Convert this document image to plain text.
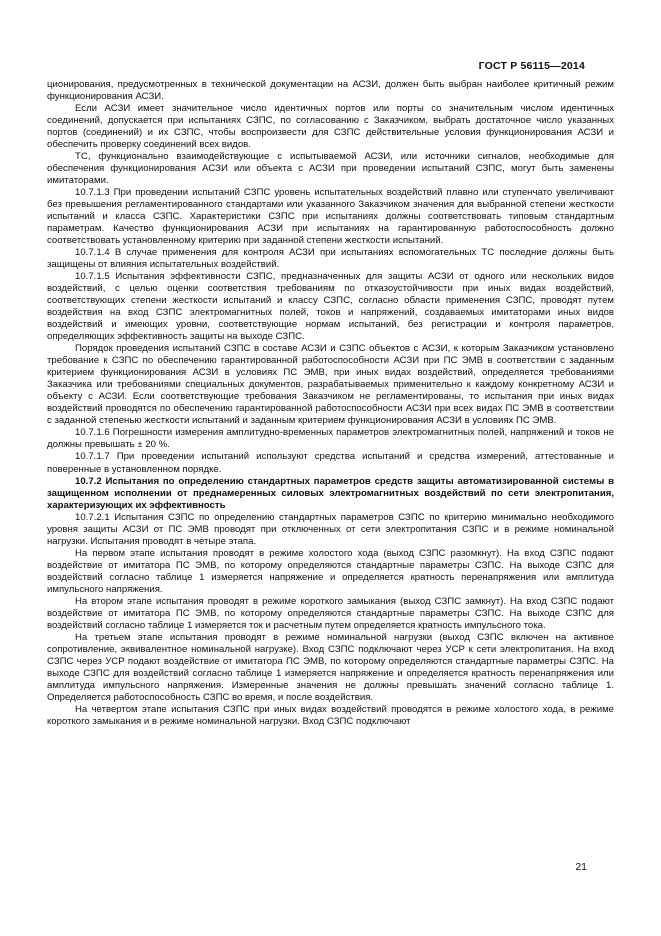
ГОСТ Р 56115—2014

ционирования, предусмотренных в технической документации на АСЗИ, должен быть выбран наиболее критичный режим функционирования АСЗИ.

Если АСЗИ имеет значительное число идентичных портов или порты со значительным числом идентичных соединений, допускается при испытаниях СЗПС, по согласованию с Заказчиком, выбрать достаточное число указанных портов (соединений) и их СЗПС, чтобы воспроизвести для СЗПС действительные условия функционирования АСЗИ и обеспечить проверку соединений всех видов.

ТС, функционально взаимодействующие с испытываемой АСЗИ, или источники сигналов, необходимые для обеспечения функционирования АСЗИ или объекта с АСЗИ при проведении испытаний СЗПС, могут быть заменены имитаторами.

10.7.1.3 При проведении испытаний СЗПС уровень испытательных воздействий плавно или ступенчато увеличивают без превышения регламентированного стандартами или указанного Заказчиком значения для выбранной степени жесткости испытаний и класса СЗПС. Характеристики СЗПС при испытаниях должны соответствовать типовым стандартным параметрам. Качество функционирования АСЗИ при испытаниях на гарантированную работоспособность должно соответствовать установленному критерию при заданной степени жесткости испытаний.

10.7.1.4 В случае применения для контроля АСЗИ при испытаниях вспомогательных ТС последние должны быть защищены от влияния испытательных воздействий.

10.7.1.5 Испытания эффективности СЗПС, предназначенных для защиты АСЗИ от одного или нескольких видов воздействий, с целью оценки соответствия требованиям по отказоустойчивости при иных видах воздействий, соответствующих степени жесткости испытаний и классу СЗПС, согласно области применения СЗПС, проводят путем воздействия на вход СЗПС электромагнитных полей, токов и напряжений, создаваемых имитаторами иных видов воздействий и имеющих уровни, соответствующие нормам испытаний, без регистрации и контроля параметров, определяющих эффективность защиты на выходе СЗПС.

Порядок проведения испытаний СЗПС в составе АСЗИ и СЗПС объектов с АСЗИ, к которым Заказчиком установлено требование к СЗПС по обеспечению гарантированной работоспособности АСЗИ при ПС ЭМВ в соответствии с заданным критерием функционирования АСЗИ в условиях ПС ЭМВ, при иных видах воздействий, определяется требованиями Заказчика или требованиями специальных документов, разрабатываемых применительно к каждому конкретному АСЗИ и объекту с АСЗИ. Если соответствующие требования Заказчиком не регламентированы, то испытания при иных видах воздействий проводятся по обеспечению гарантированной работоспособности АСЗИ при всех видах ПС ЭМВ в соответствии с заданной степенью жесткости испытаний и заданным критерием функционирования АСЗИ в условиях ПС ЭМВ.

10.7.1.6 Погрешности измерения амплитудно-временных параметров электромагнитных полей, напряжений и токов не должны превышать ± 20 %.

10.7.1.7 При проведении испытаний используют средства испытаний и средства измерений, аттестованные и поверенные в установленном порядке.

10.7.2 Испытания по определению стандартных параметров средств защиты автоматизированной системы в защищенном исполнении от преднамеренных силовых электромагнитных воздействий по сети электропитания, характеризующих их эффективность

10.7.2.1 Испытания СЗПС по определению стандартных параметров СЗПС по критерию минимально необходимого уровня защиты АСЗИ от ПС ЭМВ проводят при отключенных от сети электропитания СЗПС и в режиме номинальной нагрузки. Испытания проводят в четыре этапа.

На первом этапе испытания проводят в режиме холостого хода (выход СЗПС разомкнут). На вход СЗПС подают воздействие от имитатора ПС ЭМВ, по которому определяются стандартные параметры СЗПС. На выходе СЗПС для воздействий согласно таблице 1 измеряется напряжение и определяется кратность перенапряжения или амплитуда импульсного напряжения.

На втором этапе испытания проводят в режиме короткого замыкания (выход СЗПС замкнут). На вход СЗПС подают воздействие от имитатора ПС ЭМВ, по которому определяются стандартные параметры СЗПС. На выходе СЗПС для воздействий согласно таблице 1 измеряется ток и расчетным путем определяется кратность импульсного тока.

На третьем этапе испытания проводят в режиме номинальной нагрузки (выход СЗПС включен на активное сопротивление, эквивалентное номинальной нагрузке). Вход СЗПС подключают через УСР к сети электропитания. На вход СЗПС через УСР подают воздействие от имитатора ПС ЭМВ, по которому определяются стандартные параметры СЗПС. На выходе СЗПС для воздействий согласно таблице 1 измеряется напряжение и определяется кратность перенапряжения или амплитуда импульсного напряжения. Измеренные значения не должны превышать значений согласно таблице 1. Определяется работоспособность СЗПС во время, и после воздействия.

На четвертом этапе испытания СЗПС при иных видах воздействий проводятся в режиме холостого хода, в режиме короткого замыкания и в режиме номинальной нагрузки. Вход СЗПС подключают

21
